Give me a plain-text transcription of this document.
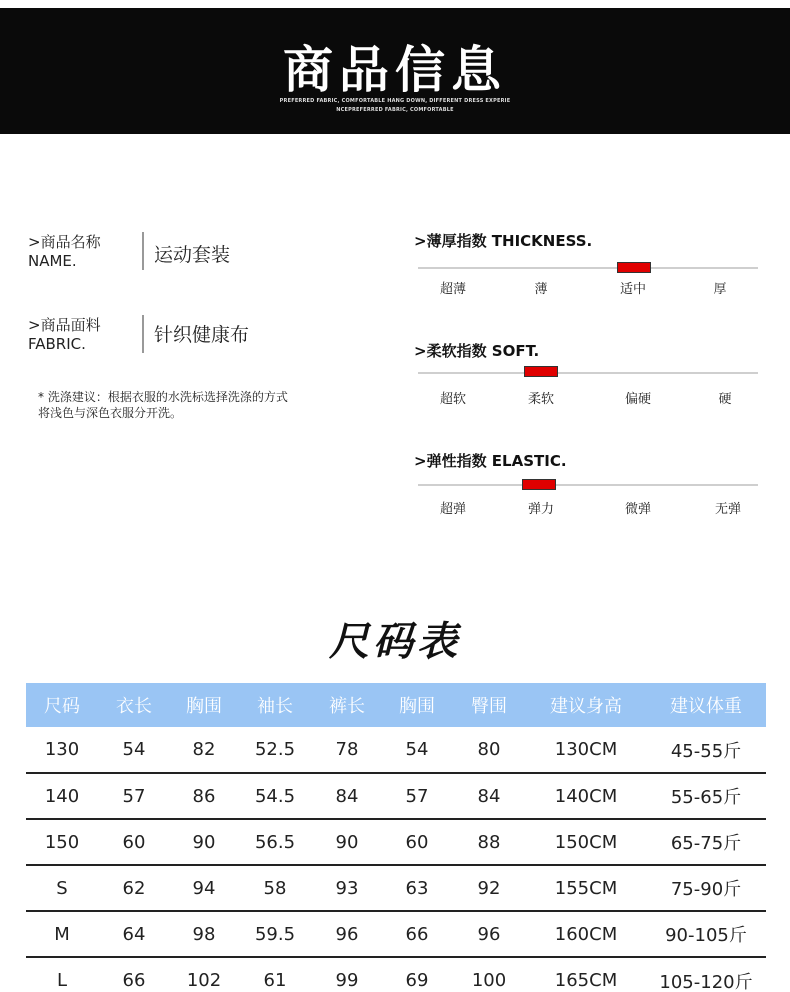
商品信息
PREFERRED FABRIC, COMFORTABLE HANG DOWN, DIFFERENT DRESS EXPERIE
NCEPREFERRED FABRIC, COMFORTABLE
>商品名称
NAME.	运动套装
>商品面料
FABRIC.	针织健康布
* 洗涤建议：根据衣服的水洗标选择洗涤的方式
将浅色与深色衣服分开洗。
>薄厚指数 THICKNESS.
超薄	薄	适中	厚
>柔软指数 SOFT.
超软	柔软	偏硬	硬
>弹性指数 ELASTIC.
超弹	弹力	微弹	无弹
尺码表
尺码	衣长	胸围	袖长	裤长	胸围	臀围	建议身高	建议体重
130	54	82	52.5	78	54	80	130CM	45-55斤
140	57	86	54.5	84	57	84	140CM	55-65斤
150	60	90	56.5	90	60	88	150CM	65-75斤
S	62	94	58	93	63	92	155CM	75-90斤
M	64	98	59.5	96	66	96	160CM	90-105斤
L	66	102	61	99	69	100	165CM	105-120斤
